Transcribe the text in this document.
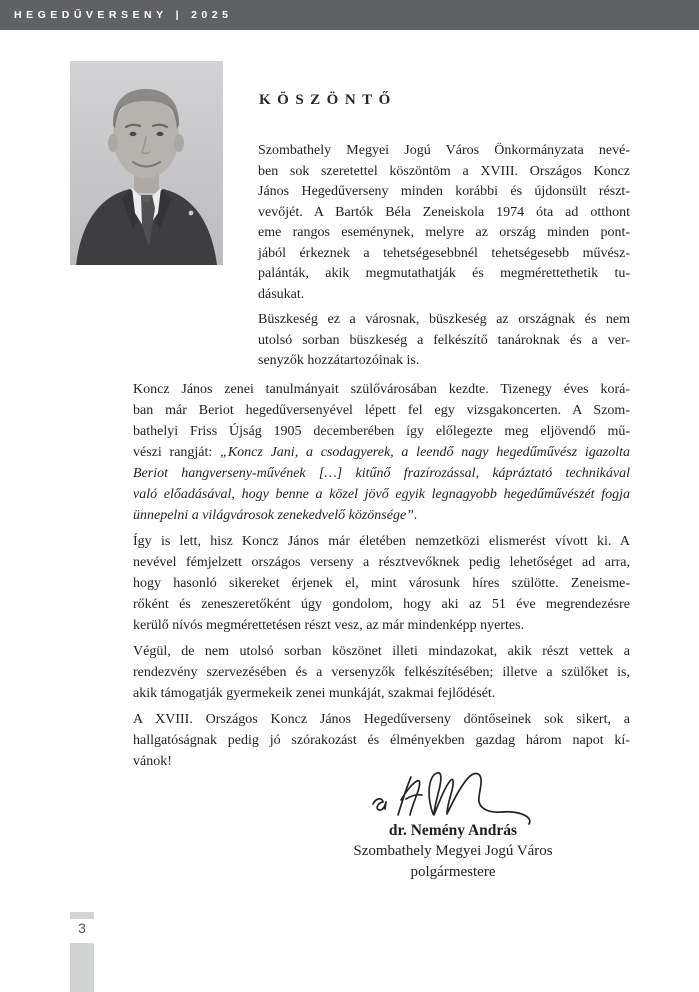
HEGEDŰVERSENY | 2025
KÖSZÖNTŐ
Szombathely Megyei Jogú Város Önkormányzata nevé-
ben sok szeretettel köszöntöm a XVIII. Országos Koncz
János Hegedűverseny minden korábbi és újdonsült részt-
vevőjét. A Bartók Béla Zeneiskola 1974 óta ad otthont
eme rangos eseménynek, melyre az ország minden pont-
jából érkeznek a tehetségesebbnél tehetségesebb művész-
palánták, akik megmutathatják és megmérettethetik tu-
dásukat.
Büszkeség ez a városnak, büszkeség az országnak és nem
utolsó sorban büszkeség a felkészítő tanároknak és a ver-
senyzők hozzátartozóinak is.
Koncz János zenei tanulmányait szülővárosában kezdte. Tizenegy éves korá-
ban már Beriot hegedűversenyével lépett fel egy vizsgakoncerten. A Szom-
bathelyi Friss Újság 1905 decemberében így előlegezte meg eljövendő mű-
vészi rangját: „Koncz Jani, a csodagyerek, a leendő nagy hegedűművész igazolta
Beriot hangverseny-művének […] kitűnő frazírozással, kápráztató technikával
való előadásával, hogy benne a közel jövő egyik legnagyobb hegedűművészét fogja
ünnepelni a világvárosok zenekedvelő közönsége”.
Így is lett, hisz Koncz János már életében nemzetközi elismerést vívott ki. A
nevével fémjelzett országos verseny a résztvevőknek pedig lehetőséget ad arra,
hogy hasonló sikereket érjenek el, mint városunk híres szülötte. Zeneisme-
rőként és zeneszeretőként úgy gondolom, hogy aki az 51 éve megrendezésre
kerülő nívós megmérettetésen részt vesz, az már mindenképp nyertes.
Végül, de nem utolsó sorban köszönet illeti mindazokat, akik részt vettek a
rendezvény szervezésében és a versenyzők felkészítésében; illetve a szülőket is,
akik támogatják gyermekeik zenei munkáját, szakmai fejlődését.
A XVIII. Országos Koncz János Hegedűverseny döntőseinek sok sikert, a
hallgatóságnak pedig jó szórakozást és élményekben gazdag három napot kí-
vánok!
dr. Nemény András
Szombathely Megyei Jogú Város
polgármestere
3
